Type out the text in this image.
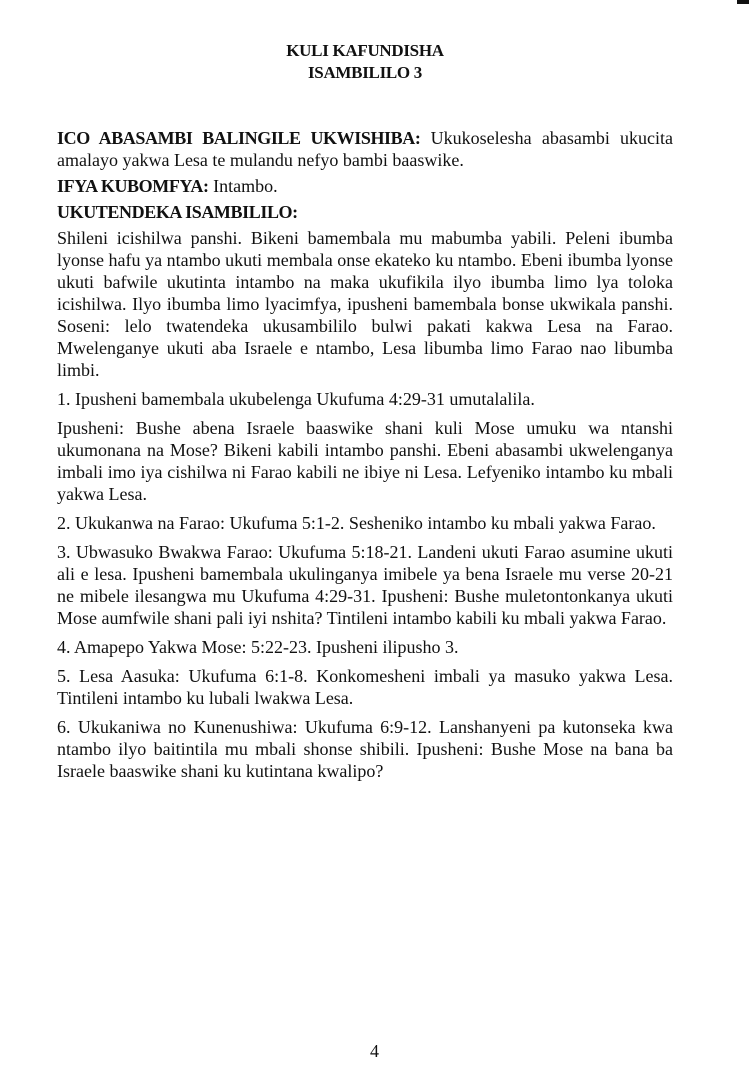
KULI KAFUNDISHA
ISAMBILILO 3

ICO ABASAMBI BALINGILE UKWISHIBA: Ukukoselesha abasambi ukucita amalayo yakwa Lesa te mulandu nefyo bambi baaswike.

IFYA KUBOMFYA: Intambo.

UKUTENDEKA ISAMBILILO:

Shileni icishilwa panshi. Bikeni bamembala mu mabumba yabili. Peleni ibumba lyonse hafu ya ntambo ukuti membala onse ekateko ku ntambo. Ebeni ibumba lyonse ukuti bafwile ukutinta intambo na maka ukufikila ilyo ibumba limo lya toloka icishilwa. Ilyo ibumba limo lyacimfya, ipusheni bamembala bonse ukwikala panshi. Soseni: lelo twatendeka ukusambililo bulwi pakati kakwa Lesa na Farao. Mwelenganye ukuti aba Israele e ntambo, Lesa libumba limo Farao nao libumba limbi.

1. Ipusheni bamembala ukubelenga Ukufuma 4:29-31 umutalalila.

Ipusheni: Bushe abena Israele baaswike shani kuli Mose umuku wa ntanshi ukumonana na Mose? Bikeni kabili intambo panshi. Ebeni abasambi ukwelenganya imbali imo iya cishilwa ni Farao kabili ne ibiye ni Lesa. Lefyeniko intambo ku mbali yakwa Lesa.

2. Ukukanwa na Farao: Ukufuma 5:1-2. Sesheniko intambo ku mbali yakwa Farao.

3. Ubwasuko Bwakwa Farao: Ukufuma 5:18-21. Landeni ukuti Farao asumine ukuti ali e lesa. Ipusheni bamembala ukulinganya imibele ya bena Israele mu verse 20-21 ne mibele ilesangwa mu Ukufuma 4:29-31. Ipusheni: Bushe muletontonkanya ukuti Mose aumfwile shani pali iyi nshita? Tintileni intambo kabili ku mbali yakwa Farao.

4. Amapepo Yakwa Mose: 5:22-23. Ipusheni ilipusho 3.

5. Lesa Aasuka: Ukufuma 6:1-8. Konkomesheni imbali ya masuko yakwa Lesa. Tintileni intambo ku lubali lwakwa Lesa.

6. Ukukaniwa no Kunenushiwa: Ukufuma 6:9-12. Lanshanyeni pa kutonseka kwa ntambo ilyo baitintila mu mbali shonse shibili. Ipusheni: Bushe Mose na bana ba Israele baaswike shani ku kutintana kwalipo?

4
